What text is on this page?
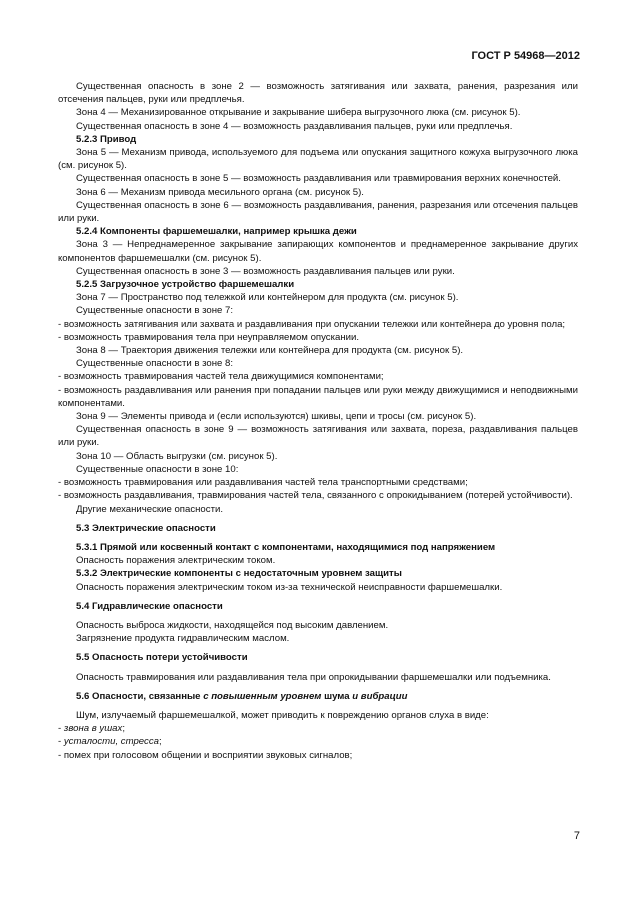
ГОСТ Р 54968—2012

Существенная опасность в зоне 2 — возможность затягивания или захвата, ранения, разрезания или отсечения пальцев, руки или предплечья.

Зона 4 — Механизированное открывание и закрывание шибера выгрузочного люка (см. рисунок 5).

Существенная опасность в зоне 4 — возможность раздавливания пальцев, руки или предплечья.

5.2.3 Привод

Зона 5 — Механизм привода, используемого для подъема или опускания защитного кожуха выгрузочного люка (см. рисунок 5).

Существенная опасность в зоне 5 — возможность раздавливания или травмирования верхних конечностей.

Зона 6 — Механизм привода месильного органа (см. рисунок 5).

Существенная опасность в зоне 6 — возможность раздавливания, ранения, разрезания или отсечения пальцев или руки.

5.2.4 Компоненты фаршемешалки, например крышка дежи

Зона 3 — Непреднамеренное закрывание запирающих компонентов и преднамеренное закрывание других компонентов фаршемешалки (см. рисунок 5).

Существенная опасность в зоне 3 — возможность раздавливания пальцев или руки.

5.2.5 Загрузочное устройство фаршемешалки

Зона 7 — Пространство под тележкой или контейнером для продукта (см. рисунок 5).

Существенные опасности в зоне 7:

- возможность затягивания или захвата и раздавливания при опускании тележки или контейнера до уровня пола;

- возможность травмирования тела при неуправляемом опускании.

Зона 8 — Траектория движения тележки или контейнера для продукта (см. рисунок 5).

Существенные опасности в зоне 8:

- возможность травмирования частей тела движущимися компонентами;

- возможность раздавливания или ранения при попадании пальцев или руки между движущимися и неподвижными компонентами.

Зона 9 — Элементы привода и (если используются) шкивы, цепи и тросы (см. рисунок 5).

Существенная опасность в зоне 9 — возможность затягивания или захвата, пореза, раздавливания пальцев или руки.

Зона 10 — Область выгрузки (см. рисунок 5).

Существенные опасности в зоне 10:

- возможность травмирования или раздавливания частей тела транспортными средствами;

- возможность раздавливания, травмирования частей тела, связанного с опрокидыванием (потерей устойчивости).

Другие механические опасности.

5.3 Электрические опасности

5.3.1 Прямой или косвенный контакт с компонентами, находящимися под напряжением

Опасность поражения электрическим током.

5.3.2 Электрические компоненты с недостаточным уровнем защиты

Опасность поражения электрическим током из-за технической неисправности фаршемешалки.

5.4 Гидравлические опасности

Опасность выброса жидкости, находящейся под высоким давлением.

Загрязнение продукта гидравлическим маслом.

5.5 Опасность потери устойчивости

Опасность травмирования или раздавливания тела при опрокидывании фаршемешалки или подъемника.

5.6 Опасности, связанные с повышенным уровнем шума и вибрации

Шум, излучаемый фаршемешалкой, может приводить к повреждению органов слуха в виде:

- звона в ушах;

- усталости, стресса;

- помех при голосовом общении и восприятии звуковых сигналов;

7
